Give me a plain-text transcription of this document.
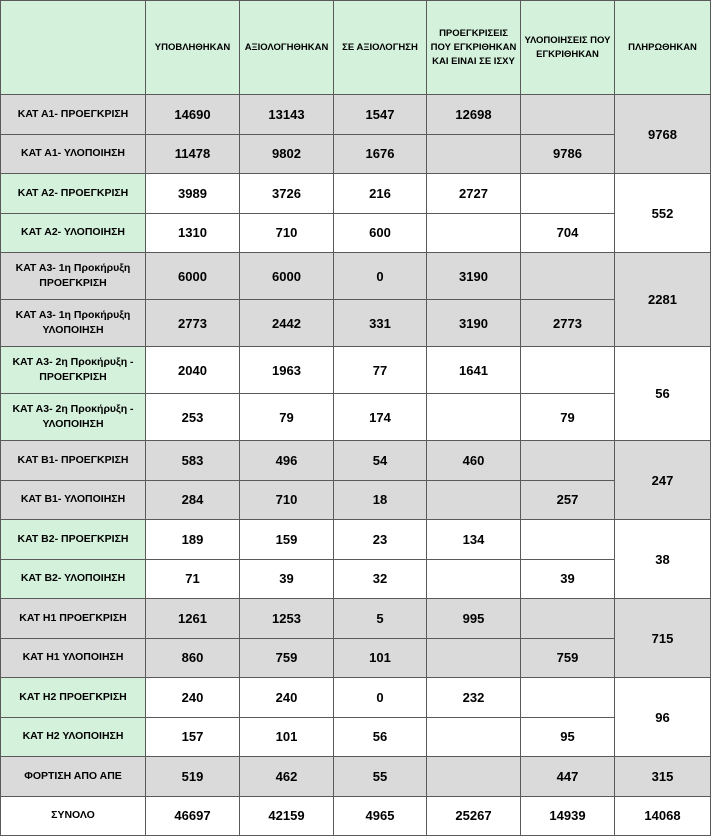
	ΥΠΟΒΛΗΘΗΚΑΝ	ΑΞΙΟΛΟΓΗΘΗΚΑΝ	ΣΕ ΑΞΙΟΛΟΓΗΣΗ	ΠΡΟΕΓΚΡΙΣΕΙΣ ΠΟΥ ΕΓΚΡΙΘΗΚΑΝ ΚΑΙ ΕΙΝΑΙ ΣΕ ΙΣΧΥ	ΥΛΟΠΟΙΗΣΕΙΣ ΠΟΥ ΕΓΚΡΙΘΗΚΑΝ	ΠΛΗΡΩΘΗΚΑΝ
ΚΑΤ Α1- ΠΡΟΕΓΚΡΙΣΗ	14690	13143	1547	12698		9768
ΚΑΤ Α1- ΥΛΟΠΟΙΗΣΗ	11478	9802	1676		9786	
ΚΑΤ Α2- ΠΡΟΕΓΚΡΙΣΗ	3989	3726	216	2727		552
ΚΑΤ Α2- ΥΛΟΠΟΙΗΣΗ	1310	710	600		704	
ΚΑΤ Α3- 1η Προκήρυξη ΠΡΟΕΓΚΡΙΣΗ	6000	6000	0	3190		2281
ΚΑΤ Α3- 1η Προκήρυξη ΥΛΟΠΟΙΗΣΗ	2773	2442	331	3190	2773	
ΚΑΤ Α3- 2η Προκήρυξη - ΠΡΟΕΓΚΡΙΣΗ	2040	1963	77	1641		56
ΚΑΤ Α3- 2η Προκήρυξη - ΥΛΟΠΟΙΗΣΗ	253	79	174		79	
ΚΑΤ Β1- ΠΡΟΕΓΚΡΙΣΗ	583	496	54	460		247
ΚΑΤ Β1- ΥΛΟΠΟΙΗΣΗ	284	710	18		257	
ΚΑΤ Β2- ΠΡΟΕΓΚΡΙΣΗ	189	159	23	134		38
ΚΑΤ Β2- ΥΛΟΠΟΙΗΣΗ	71	39	32		39	
ΚΑΤ Η1 ΠΡΟΕΓΚΡΙΣΗ	1261	1253	5	995		715
ΚΑΤ Η1 ΥΛΟΠΟΙΗΣΗ	860	759	101		759	
ΚΑΤ Η2 ΠΡΟΕΓΚΡΙΣΗ	240	240	0	232		96
ΚΑΤ Η2 ΥΛΟΠΟΙΗΣΗ	157	101	56		95	
ΦΟΡΤΙΣΗ ΑΠΟ ΑΠΕ	519	462	55		447	315
ΣΥΝΟΛΟ	46697	42159	4965	25267	14939	14068
